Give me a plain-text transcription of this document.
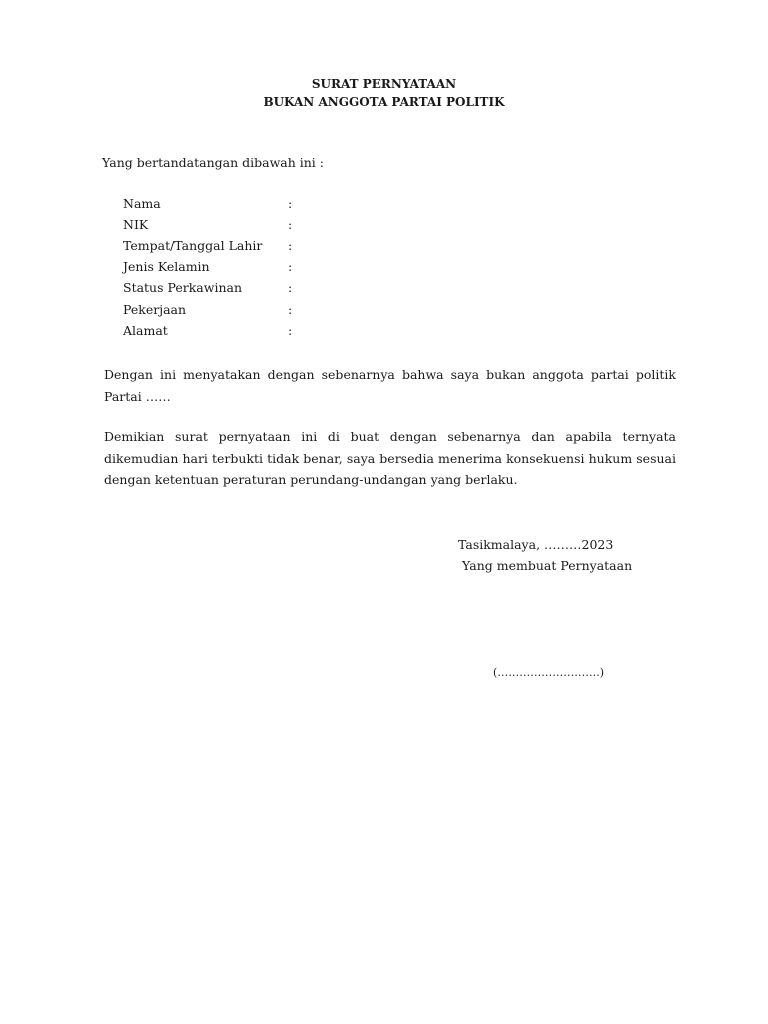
SURAT PERNYATAAN
BUKAN ANGGOTA PARTAI POLITIK
Yang bertandatangan dibawah ini :
Nama	:
NIK	:
Tempat/Tanggal Lahir :
Jenis Kelamin	:
Status Perkawinan	:
Pekerjaan	:
Alamat	:
Dengan ini menyatakan dengan sebenarnya bahwa saya bukan anggota partai politik Partai ……
Demikian surat pernyataan ini di buat dengan sebenarnya dan apabila ternyata dikemudian hari terbukti tidak benar, saya bersedia menerima konsekuensi hukum sesuai dengan ketentuan peraturan perundang-undangan yang berlaku.
Tasikmalaya, ………2023
Yang membuat Pernyataan
(……………………….)
